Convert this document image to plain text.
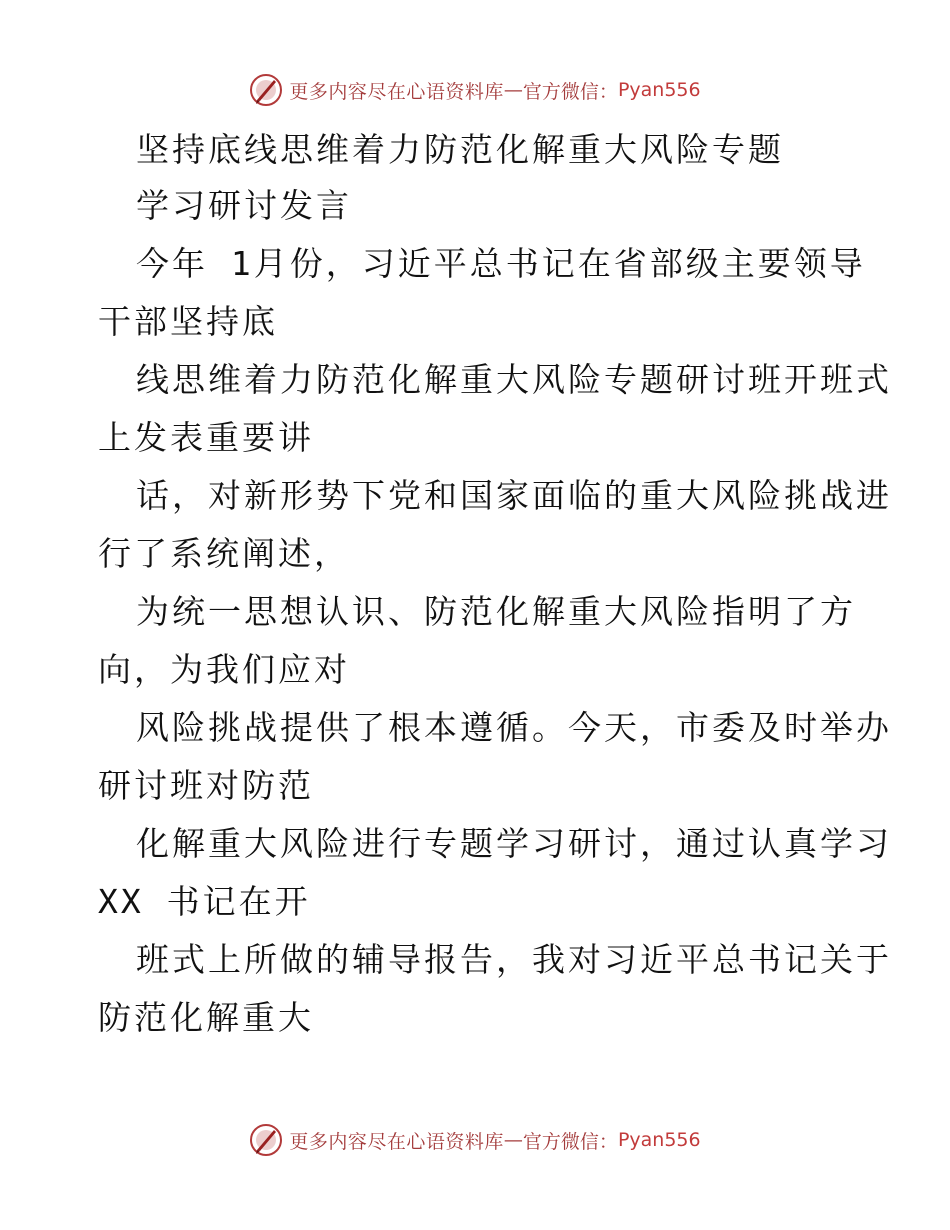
更多内容尽在心语资料库 — 官方微信： Pyan556
坚持底线思维着力防范化解重大风险专题
学习研讨发言
今年 1月份，习近平总书记在省部级主要领导
干部坚持底
线思维着力防范化解重大风险专题研讨班开班式
上发表重要讲
话，对新形势下党和国家面临的重大风险挑战进
行了系统阐述，
为统一思想认识、防范化解重大风险指明了方
向，为我们应对
风险挑战提供了根本遵循。今天，市委及时举办
研讨班对防范
化解重大风险进行专题学习研讨，通过认真学习
XX 书记在开
班式上所做的辅导报告，我对习近平总书记关于
防范化解重大
更多内容尽在心语资料库 — 官方微信： Pyan556
